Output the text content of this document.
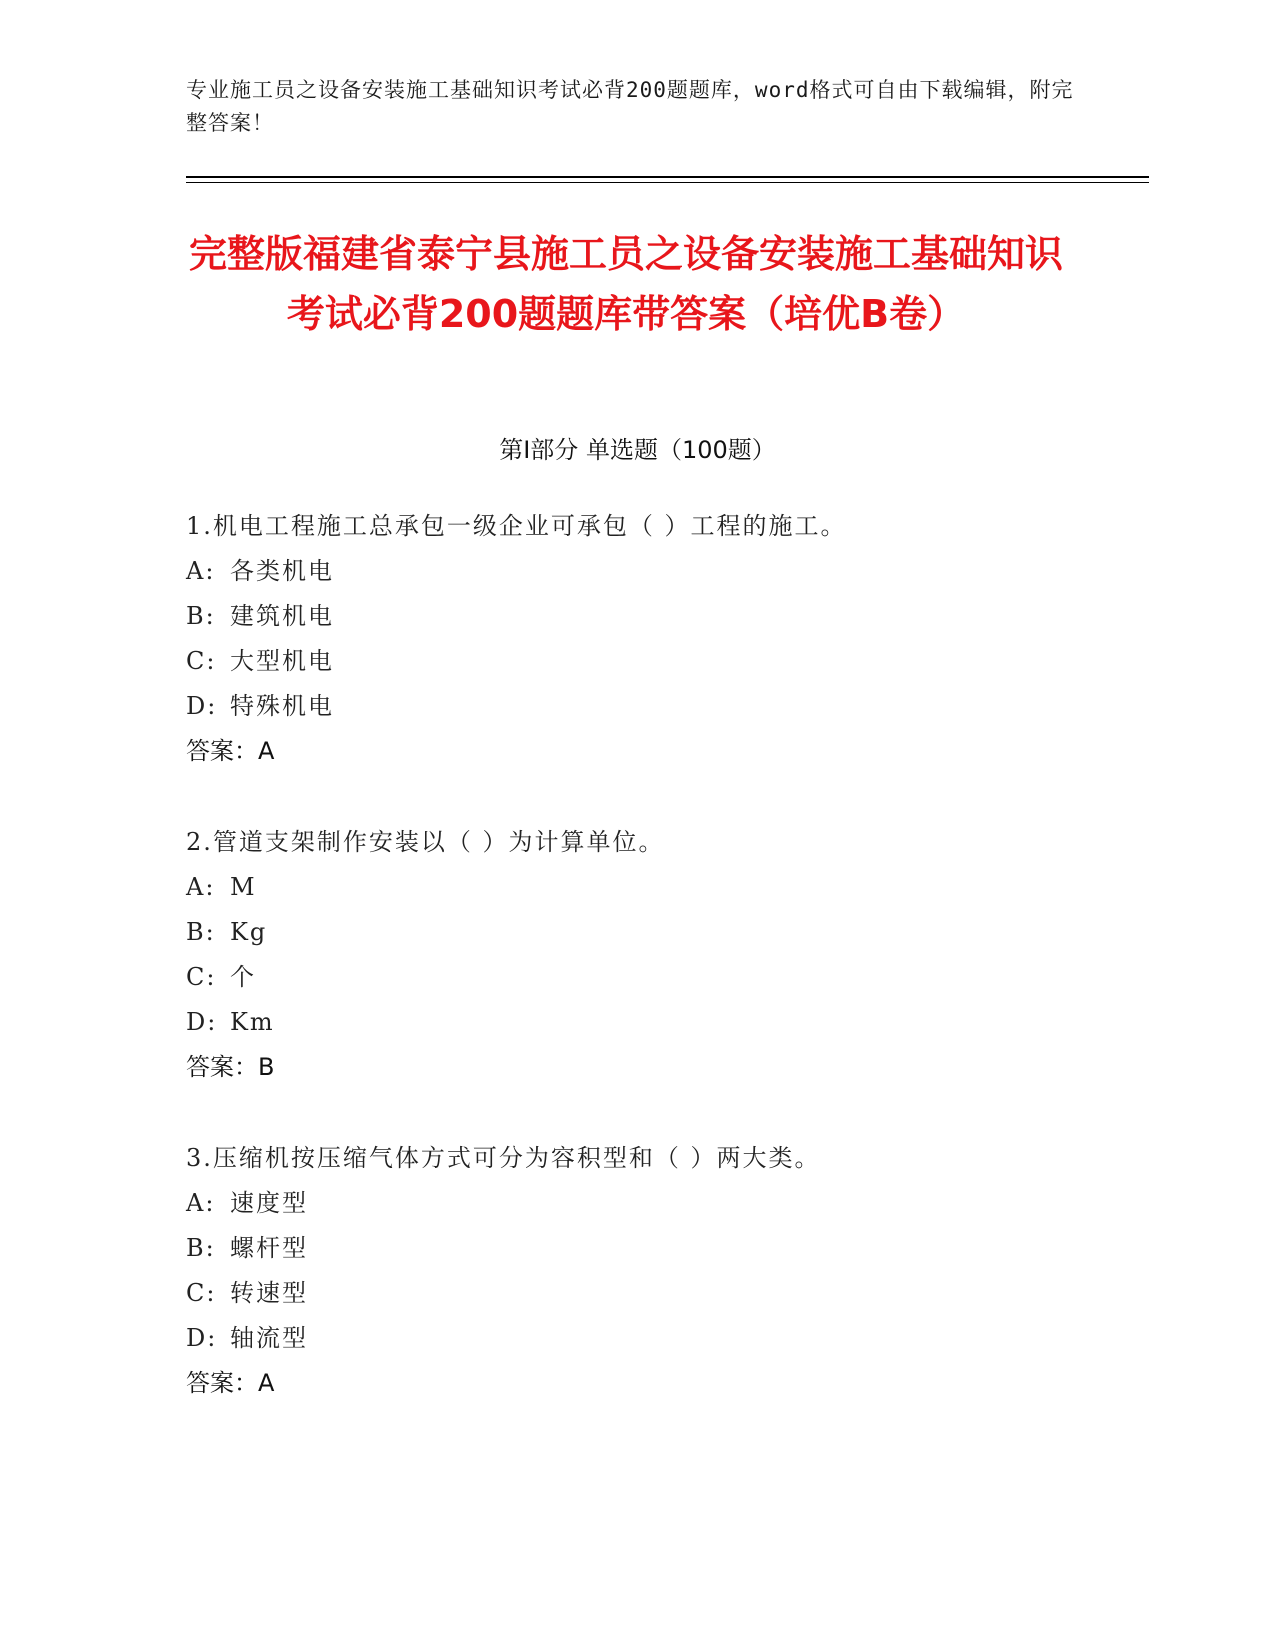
专业施工员之设备安装施工基础知识考试必背200题题库，word格式可自由下载编辑，附完整答案！
完整版福建省泰宁县施工员之设备安装施工基础知识考试必背200题题库带答案（培优B卷）
第I部分 单选题（100题）
1.机电工程施工总承包一级企业可承包（ ）工程的施工。
A: 各类机电
B: 建筑机电
C: 大型机电
D: 特殊机电
答案：A
2.管道支架制作安装以（ ）为计算单位。
A: M
B: Kg
C: 个
D: Km
答案：B
3.压缩机按压缩气体方式可分为容积型和（ ）两大类。
A: 速度型
B: 螺杆型
C: 转速型
D: 轴流型
答案：A
